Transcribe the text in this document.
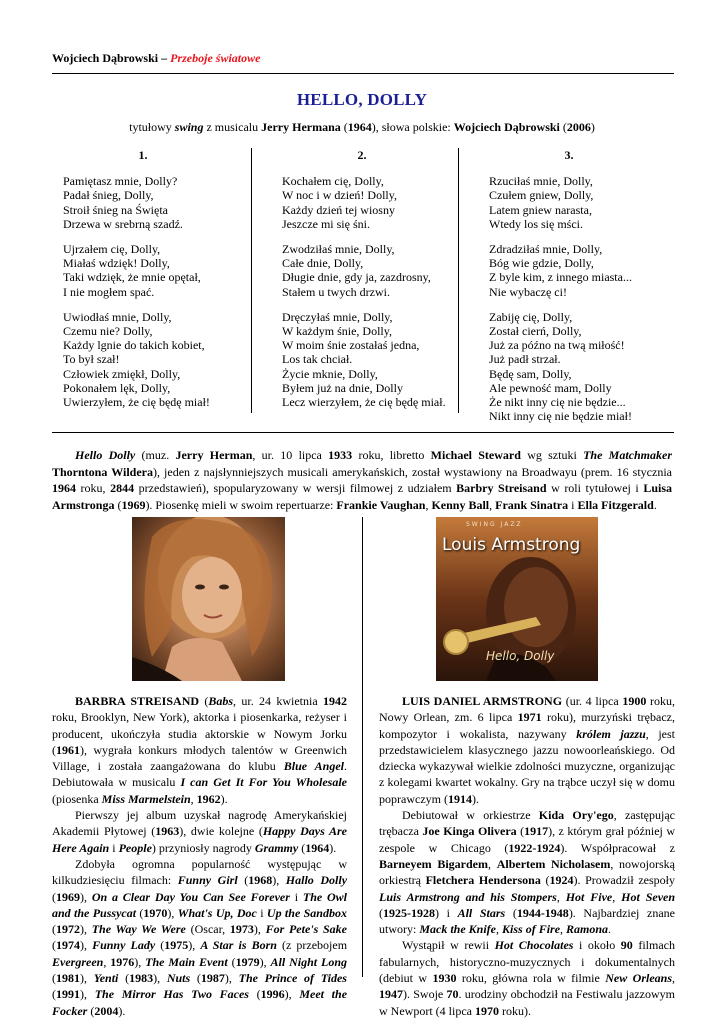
Wojciech Dąbrowski – Przeboje światowe
HELLO, DOLLY
tytułowy swing z musicalu Jerry Hermana (1964), słowa polskie: Wojciech Dąbrowski (2006)
1.
Pamiętasz mnie, Dolly?
Padał śnieg, Dolly,
Stroił śnieg na Święta
Drzewa w srebrną szadź.
Ujrzałem cię, Dolly,
Miałaś wdzięk! Dolly,
Taki wdzięk, że mnie opętał,
I nie mogłem spać.
Uwiodłaś mnie, Dolly,
Czemu nie? Dolly,
Każdy lgnie do takich kobiet,
To był szał!
Człowiek zmiękł, Dolly,
Pokonałem lęk, Dolly,
Uwierzyłem, że cię będę miał!
2.
Kochałem cię, Dolly,
W noc i w dzień! Dolly,
Każdy dzień tej wiosny
Jeszcze mi się śni.
Zwodziłaś mnie, Dolly,
Całe dnie, Dolly,
Długie dnie, gdy ja, zazdrosny,
Stałem u twych drzwi.
Dręczyłaś mnie, Dolly,
W każdym śnie, Dolly,
W moim śnie zostałaś jedna,
Los tak chciał.
Życie mknie, Dolly,
Byłem już na dnie, Dolly
Lecz wierzyłem, że cię będę miał.
3.
Rzuciłaś mnie, Dolly,
Czułem gniew, Dolly,
Latem gniew narasta,
Wtedy los się mści.
Zdradziłaś mnie, Dolly,
Bóg wie gdzie, Dolly,
Z byle kim, z innego miasta...
Nie wybaczę ci!
Zabiję cię, Dolly,
Został cierń, Dolly,
Już za późno na twą miłość!
Już padł strzał.
Będę sam, Dolly,
Ale pewność mam, Dolly
Że nikt inny cię nie będzie...
Nikt inny cię nie będzie miał!
Hello Dolly (muz. Jerry Herman, ur. 10 lipca 1933 roku, libretto Michael Steward wg sztuki The Matchmaker Thorntona Wildera), jeden z najsłynniejszych musicali amerykańskich, został wystawiony na Broadwayu (prem. 16 stycznia 1964 roku, 2844 przedstawień), spopularyzowany w wersji filmowej z udziałem Barbry Streisand w roli tytułowej i Luisa Armstronga (1969). Piosenkę mieli w swoim repertuarze: Frankie Vaughan, Kenny Ball, Frank Sinatra i Ella Fitzgerald.
SWING JAZZ
Louis Armstrong
Hello, Dolly

BARBRA STREISAND (Babs, ur. 24 kwietnia 1942 roku, Brooklyn, New York), aktorka i piosenkarka, reżyser i producent, ukończyła studia aktorskie w Nowym Jorku (1961), wygrała konkurs młodych talentów w Greenwich Village, i została zaangażowana do klubu Blue Angel. Debiutowała w musicalu I can Get It For You Wholesale (piosenka Miss Marmelstein, 1962).

Pierwszy jej album uzyskał nagrodę Amerykańskiej Akademii Płytowej (1963), dwie kolejne (Happy Days Are Here Again i People) przyniosły nagrody Grammy (1964).

Zdobyła ogromna popularność występując w kilkudziesięciu filmach: Funny Girl (1968), Hallo Dolly (1969), On a Clear Day You Can See Forever i The Owl and the Pussycat (1970), What's Up, Doc i Up the Sandbox (1972), The Way We Were (Oscar, 1973), For Pete's Sake (1974), Funny Lady (1975), A Star is Born (z przebojem Evergreen, 1976), The Main Event (1979), All Night Long (1981), Yenti (1983), Nuts (1987), The Prince of Tides (1991), The Mirror Has Two Faces (1996), Meet the Focker (2004).

LUIS DANIEL ARMSTRONG (ur. 4 lipca 1900 roku, Nowy Orlean, zm. 6 lipca 1971 roku), murzyński trębacz, kompozytor i wokalista, nazywany królem jazzu, jest przedstawicielem klasycznego jazzu nowoorleańskiego. Od dziecka wykazywał wielkie zdolności muzyczne, organizując z kolegami kwartet wokalny. Gry na trąbce uczył się w domu poprawczym (1914).

Debiutował w orkiestrze Kida Ory'ego, zastępując trębacza Joe Kinga Olivera (1917), z którym grał później w zespole w Chicago (1922-1924). Współpracował z Barneyem Bigardem, Albertem Nicholasem, nowojorską orkiestrą Fletchera Hendersona (1924). Prowadził zespoły Luis Armstrong and his Stompers, Hot Five, Hot Seven (1925-1928) i All Stars (1944-1948). Najbardziej znane utwory: Mack the Knife, Kiss of Fire, Ramona.

Wystąpił w rewii Hot Chocolates i około 90 filmach fabularnych, historyczno-muzycznych i dokumentalnych (debiut w 1930 roku, główna rola w filmie New Orleans, 1947). Swoje 70. urodziny obchodził na Festiwalu jazzowym w Newport (4 lipca 1970 roku).
